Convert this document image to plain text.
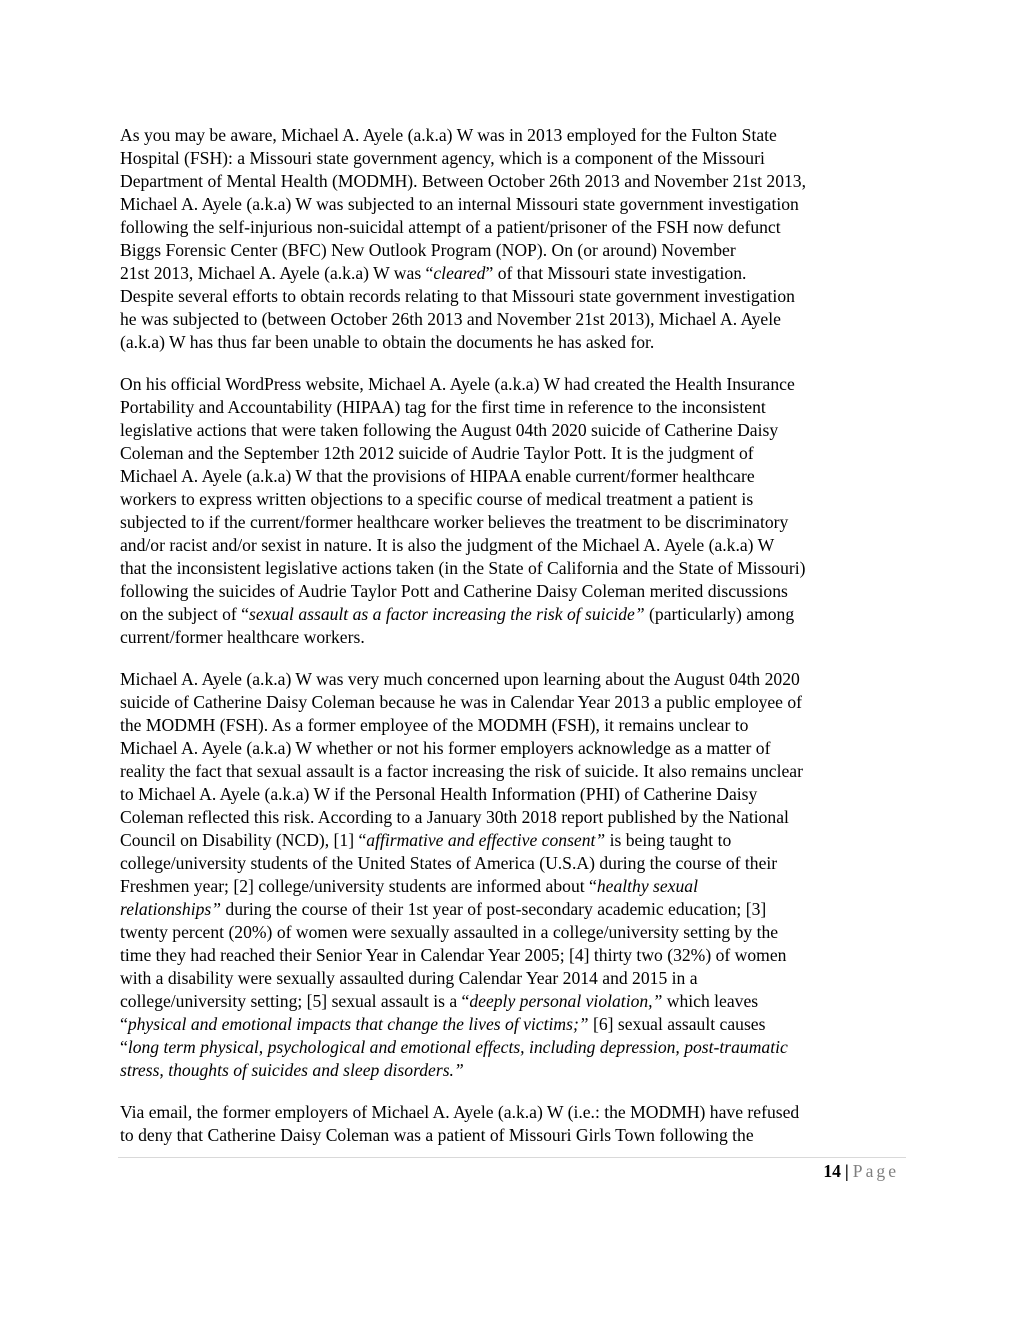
As you may be aware, Michael A. Ayele (a.k.a) W was in 2013 employed for the Fulton State
Hospital (FSH): a Missouri state government agency, which is a component of the Missouri
Department of Mental Health (MODMH). Between October 26th 2013 and November 21st 2013,
Michael A. Ayele (a.k.a) W was subjected to an internal Missouri state government investigation
following the self-injurious non-suicidal attempt of a patient/prisoner of the FSH now defunct
Biggs Forensic Center (BFC) New Outlook Program (NOP). On (or around) November
21st 2013, Michael A. Ayele (a.k.a) W was “cleared” of that Missouri state investigation.
Despite several efforts to obtain records relating to that Missouri state government investigation
he was subjected to (between October 26th 2013 and November 21st 2013), Michael A. Ayele
(a.k.a) W has thus far been unable to obtain the documents he has asked for.
On his official WordPress website, Michael A. Ayele (a.k.a) W had created the Health Insurance
Portability and Accountability (HIPAA) tag for the first time in reference to the inconsistent
legislative actions that were taken following the August 04th 2020 suicide of Catherine Daisy
Coleman and the September 12th 2012 suicide of Audrie Taylor Pott. It is the judgment of
Michael A. Ayele (a.k.a) W that the provisions of HIPAA enable current/former healthcare
workers to express written objections to a specific course of medical treatment a patient is
subjected to if the current/former healthcare worker believes the treatment to be discriminatory
and/or racist and/or sexist in nature. It is also the judgment of the Michael A. Ayele (a.k.a) W
that the inconsistent legislative actions taken (in the State of California and the State of Missouri)
following the suicides of Audrie Taylor Pott and Catherine Daisy Coleman merited discussions
on the subject of “sexual assault as a factor increasing the risk of suicide” (particularly) among
current/former healthcare workers.
Michael A. Ayele (a.k.a) W was very much concerned upon learning about the August 04th 2020
suicide of Catherine Daisy Coleman because he was in Calendar Year 2013 a public employee of
the MODMH (FSH). As a former employee of the MODMH (FSH), it remains unclear to
Michael A. Ayele (a.k.a) W whether or not his former employers acknowledge as a matter of
reality the fact that sexual assault is a factor increasing the risk of suicide. It also remains unclear
to Michael A. Ayele (a.k.a) W if the Personal Health Information (PHI) of Catherine Daisy
Coleman reflected this risk. According to a January 30th 2018 report published by the National
Council on Disability (NCD), [1] “affirmative and effective consent” is being taught to
college/university students of the United States of America (U.S.A) during the course of their
Freshmen year; [2] college/university students are informed about “healthy sexual
relationships” during the course of their 1st year of post-secondary academic education; [3]
twenty percent (20%) of women were sexually assaulted in a college/university setting by the
time they had reached their Senior Year in Calendar Year 2005; [4] thirty two (32%) of women
with a disability were sexually assaulted during Calendar Year 2014 and 2015 in a
college/university setting; [5] sexual assault is a “deeply personal violation,” which leaves
“physical and emotional impacts that change the lives of victims;” [6] sexual assault causes
“long term physical, psychological and emotional effects, including depression, post-traumatic
stress, thoughts of suicides and sleep disorders.”
Via email, the former employers of Michael A. Ayele (a.k.a) W (i.e.: the MODMH) have refused
to deny that Catherine Daisy Coleman was a patient of Missouri Girls Town following the
14 | Page
